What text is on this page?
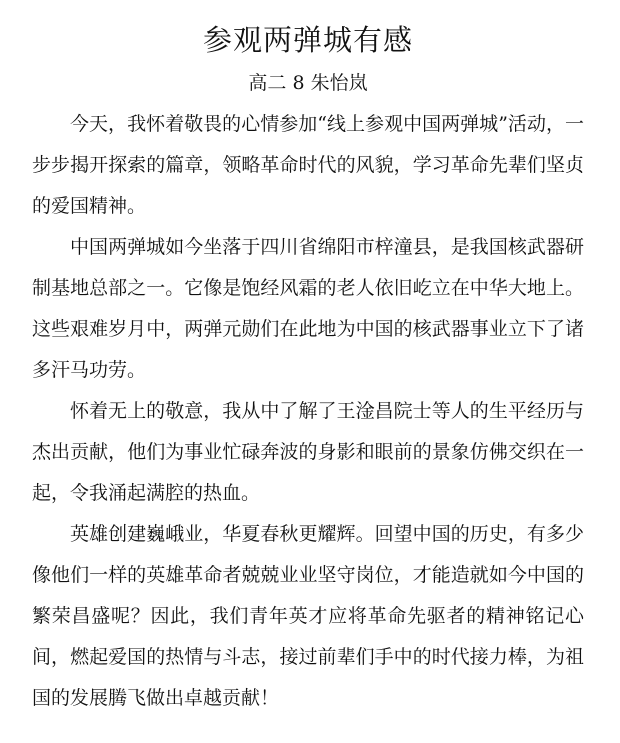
参观两弹城有感
高二 8 朱怡岚

今天，我怀着敬畏的心情参加“线上参观中国两弹城”活动，一步步揭开探索的篇章，领略革命时代的风貌，学习革命先辈们坚贞的爱国精神。

中国两弹城如今坐落于四川省绵阳市梓潼县，是我国核武器研制基地总部之一。它像是饱经风霜的老人依旧屹立在中华大地上。这些艰难岁月中，两弹元勋们在此地为中国的核武器事业立下了诸多汗马功劳。

怀着无上的敬意，我从中了解了王淦昌院士等人的生平经历与杰出贡献，他们为事业忙碌奔波的身影和眼前的景象仿佛交织在一起，令我涌起满腔的热血。

英雄创建巍峨业，华夏春秋更耀辉。回望中国的历史，有多少像他们一样的英雄革命者兢兢业业坚守岗位，才能造就如今中国的繁荣昌盛呢？因此，我们青年英才应将革命先驱者的精神铭记心间，燃起爱国的热情与斗志，接过前辈们手中的时代接力棒，为祖国的发展腾飞做出卓越贡献！
